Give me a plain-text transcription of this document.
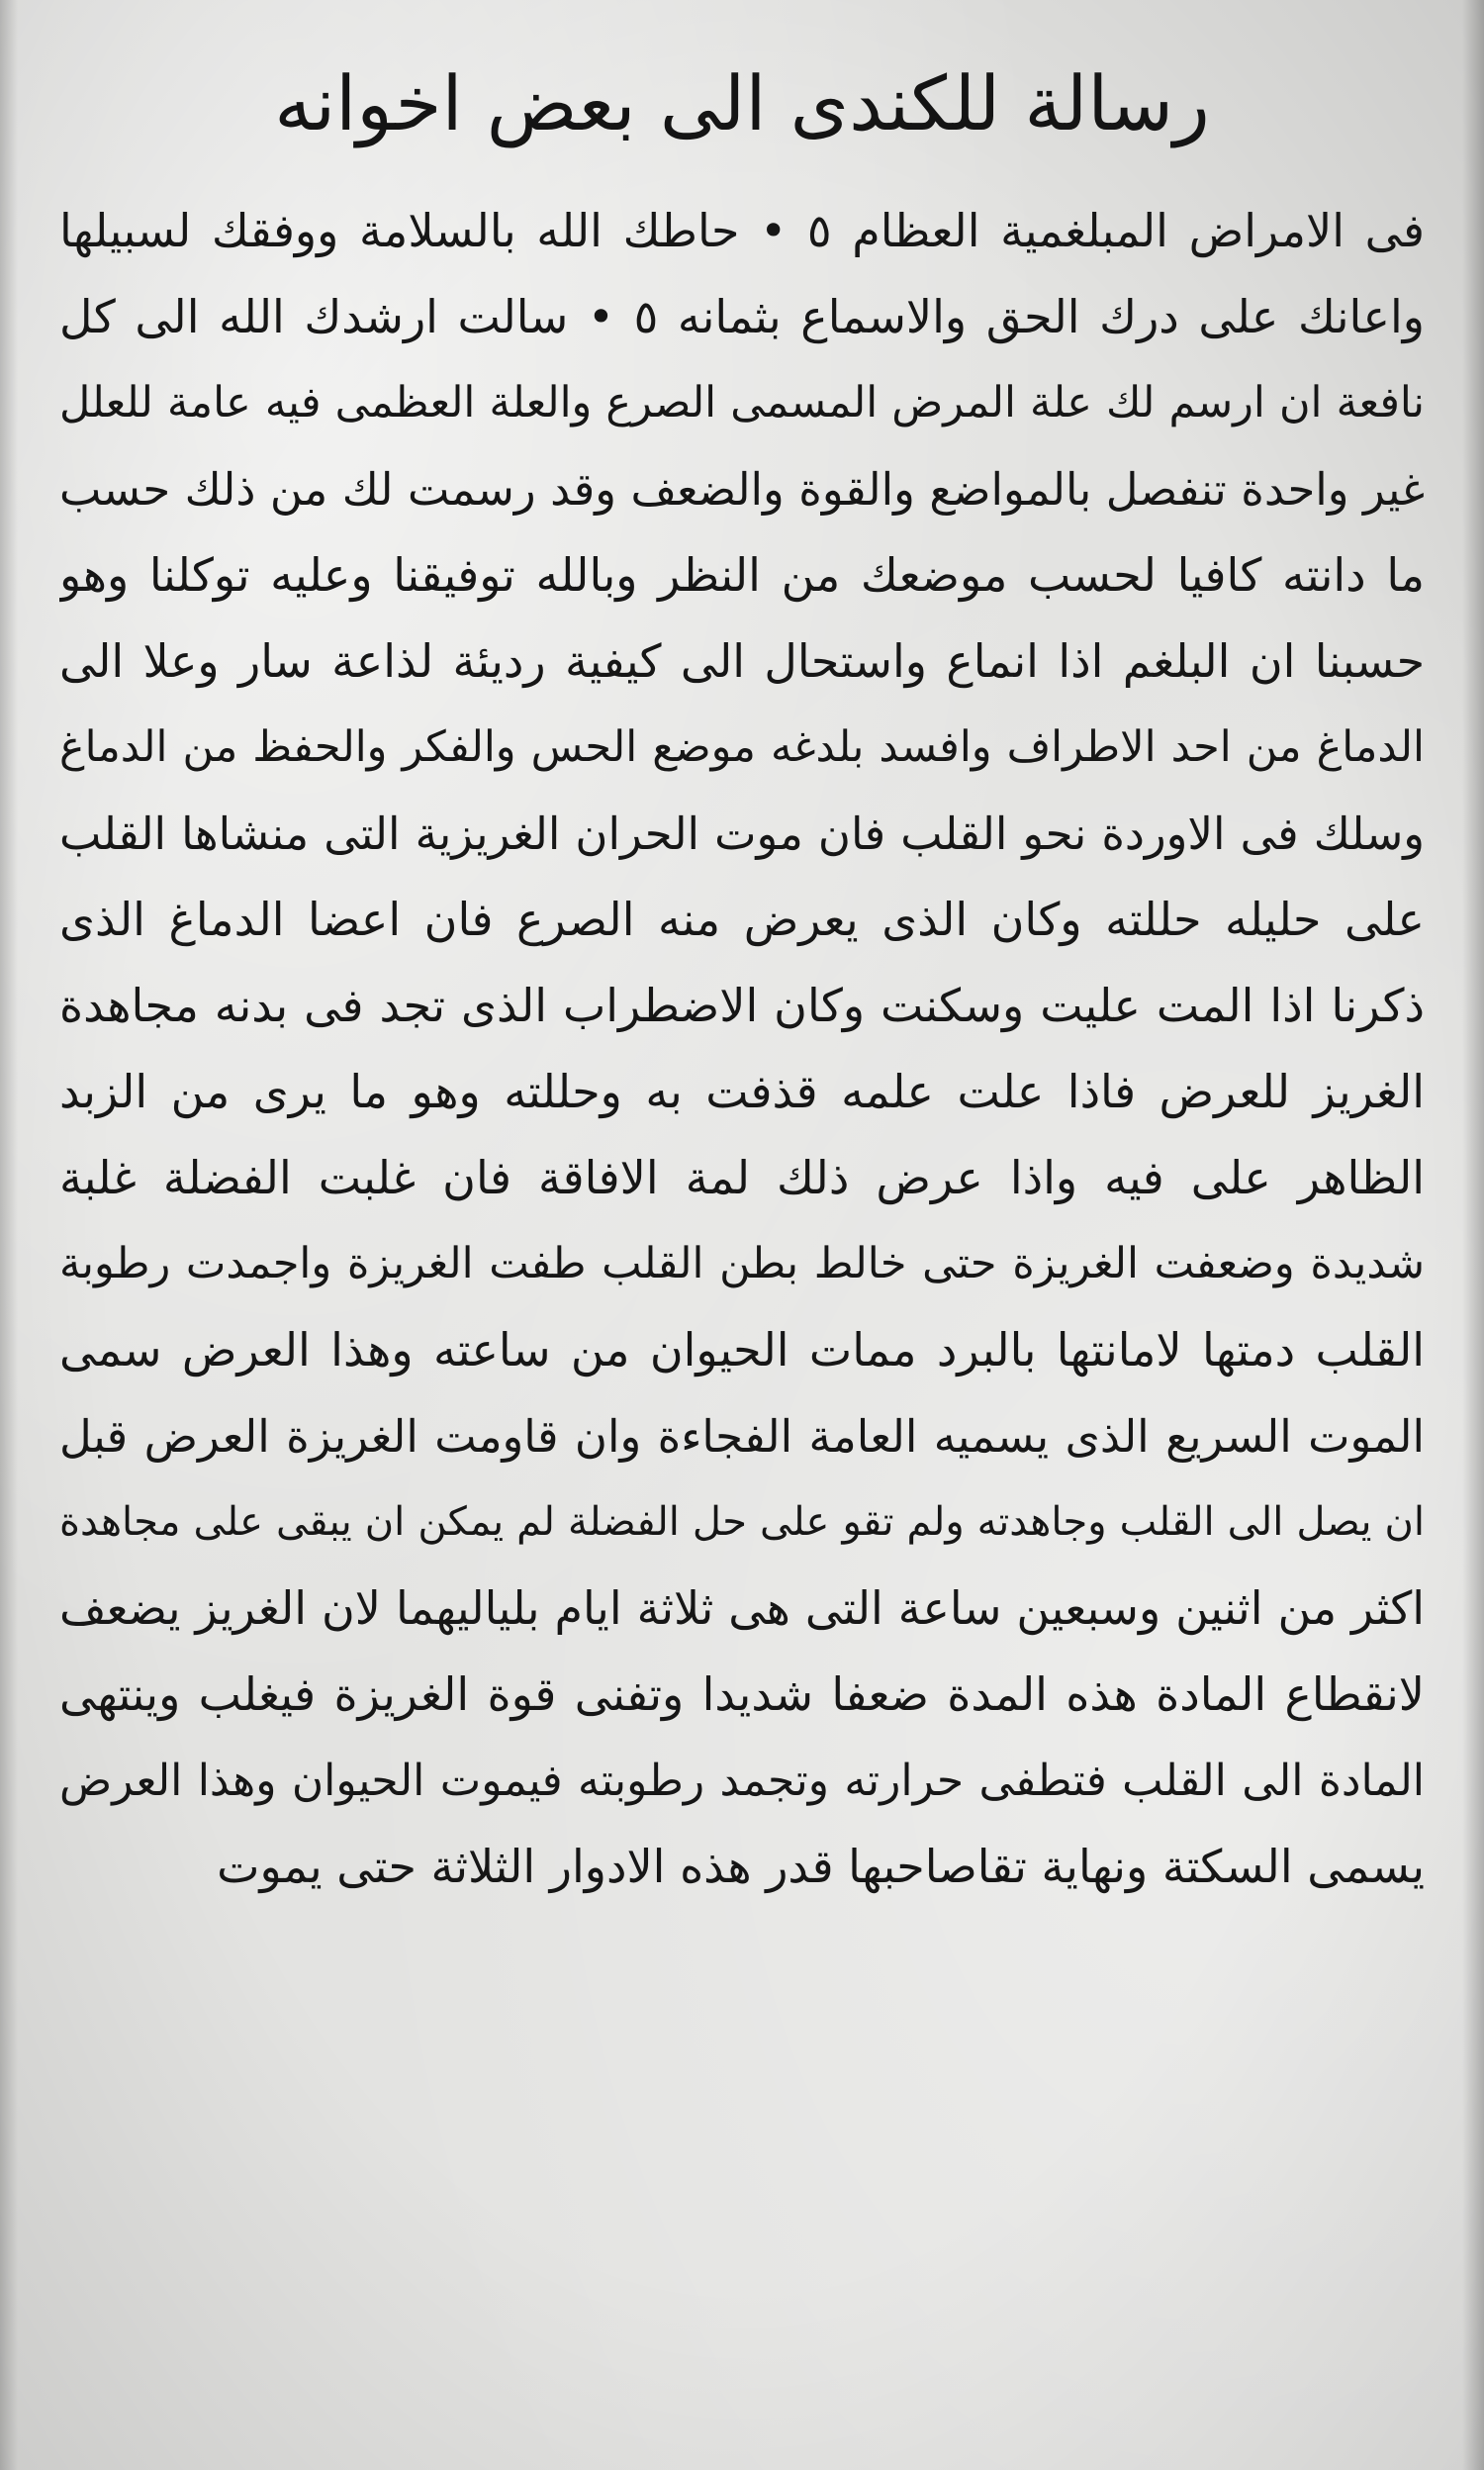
رسالة للكندى الى بعض اخوانه
فى الامراض المبلغمية العظام ٥ • حاطك الله بالسلامة ووفقك لسبيلها
واعانك على درك الحق والاسماع بثمانه ٥ • سالت ارشدك الله الى كل
نافعة ان ارسم لك علة المرض المسمى الصرع والعلة العظمى فيه عامة للعلل
غير واحدة تنفصل بالمواضع والقوة والضعف وقد رسمت لك من ذلك حسب
ما دانته كافيا لحسب موضعك من النظر وبالله توفيقنا وعليه توكلنا وهو
حسبنا ان البلغم اذا انماع واستحال الى كيفية رديئة لذاعة سار وعلا الى
الدماغ من احد الاطراف وافسد بلدغه موضع الحس والفكر والحفظ من الدماغ
وسلك فى الاوردة نحو القلب فان موت الحران الغريزية التى منشاها القلب
على حليله حللته وكان الذى يعرض منه الصرع فان اعضا الدماغ الذى
ذكرنا اذا المت عليت وسكنت وكان الاضطراب الذى تجد فى بدنه مجاهدة
الغريز للعرض فاذا علت علمه قذفت به وحللته وهو ما يرى من الزبد
الظاهر على فيه واذا عرض ذلك لمة الافاقة فان غلبت الفضلة غلبة
شديدة وضعفت الغريزة حتى خالط بطن القلب طفت الغريزة واجمدت رطوبة
القلب دمتها لامانتها بالبرد ممات الحيوان من ساعته وهذا العرض سمى
الموت السريع الذى يسميه العامة الفجاءة وان قاومت الغريزة العرض قبل
ان يصل الى القلب وجاهدته ولم تقو على حل الفضلة لم يمكن ان يبقى على مجاهدة
اكثر من اثنين وسبعين ساعة التى هى ثلاثة ايام بلياليهما لان الغريز يضعف
لانقطاع المادة هذه المدة ضعفا شديدا وتفنى قوة الغريزة فيغلب وينتهى
المادة الى القلب فتطفى حرارته وتجمد رطوبته فيموت الحيوان وهذا العرض
يسمى السكتة ونهاية تقاصاحبها قدر هذه الادوار الثلاثة حتى يموت
